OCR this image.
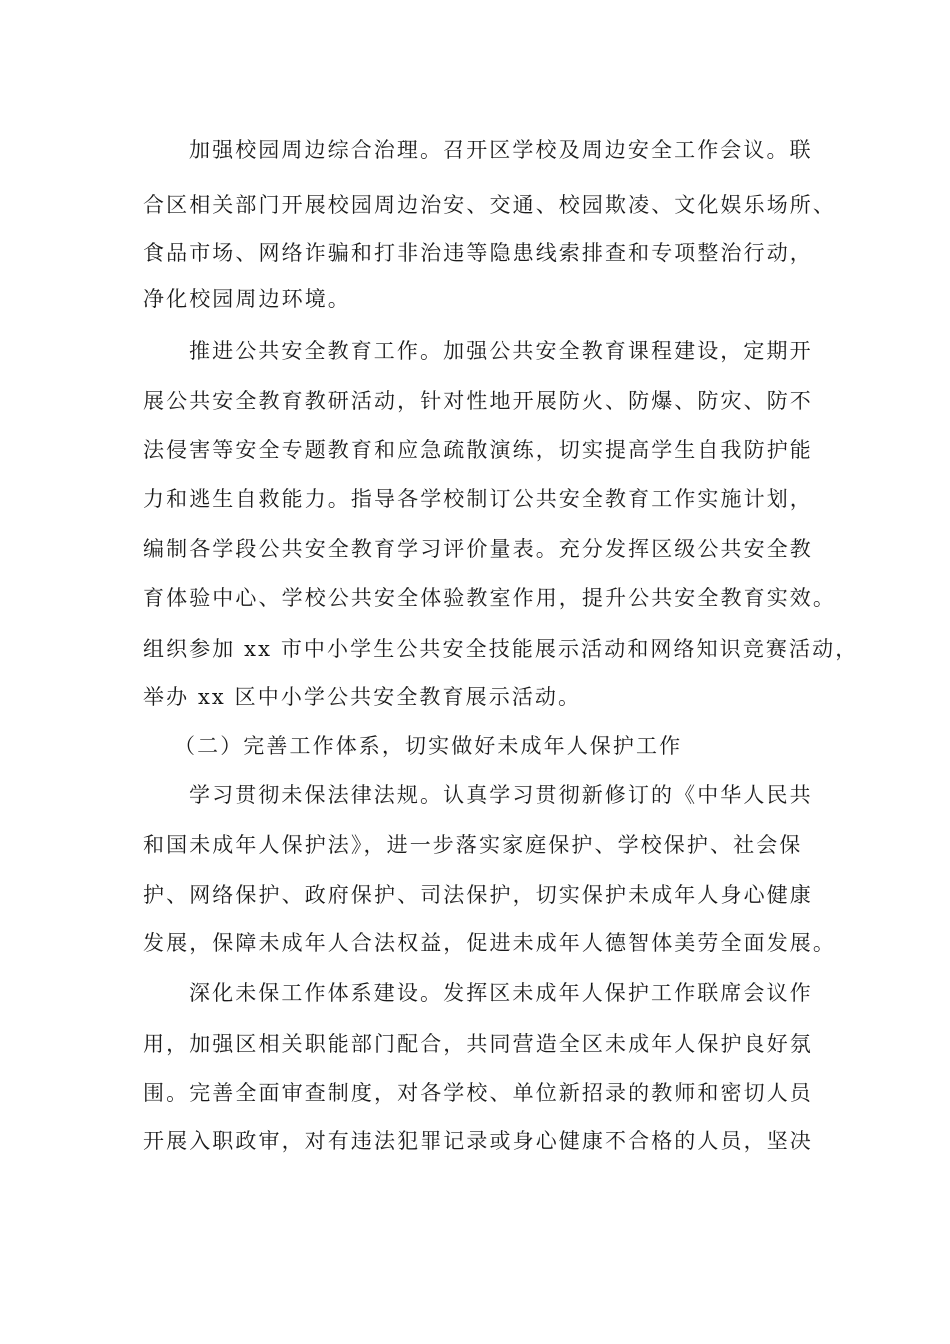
加强校园周边综合治理。召开区学校及周边安全工作会议。联
合区相关部门开展校园周边治安、交通、校园欺凌、文化娱乐场所、
食品市场、网络诈骗和打非治违等隐患线索排查和专项整治行动，
净化校园周边环境。
推进公共安全教育工作。加强公共安全教育课程建设，定期开
展公共安全教育教研活动，针对性地开展防火、防爆、防灾、防不
法侵害等安全专题教育和应急疏散演练，切实提高学生自我防护能
力和逃生自救能力。指导各学校制订公共安全教育工作实施计划，
编制各学段公共安全教育学习评价量表。充分发挥区级公共安全教
育体验中心、学校公共安全体验教室作用，提升公共安全教育实效。
组织参加 xx 市中小学生公共安全技能展示活动和网络知识竞赛活动，
举办 xx 区中小学公共安全教育展示活动。
（二）完善工作体系，切实做好未成年人保护工作
学习贯彻未保法律法规。认真学习贯彻新修订的《中华人民共
和国未成年人保护法》，进一步落实家庭保护、学校保护、社会保
护、网络保护、政府保护、司法保护，切实保护未成年人身心健康
发展，保障未成年人合法权益，促进未成年人德智体美劳全面发展。
深化未保工作体系建设。发挥区未成年人保护工作联席会议作
用，加强区相关职能部门配合，共同营造全区未成年人保护良好氛
围。完善全面审查制度，对各学校、单位新招录的教师和密切人员
开展入职政审，对有违法犯罪记录或身心健康不合格的人员，坚决
